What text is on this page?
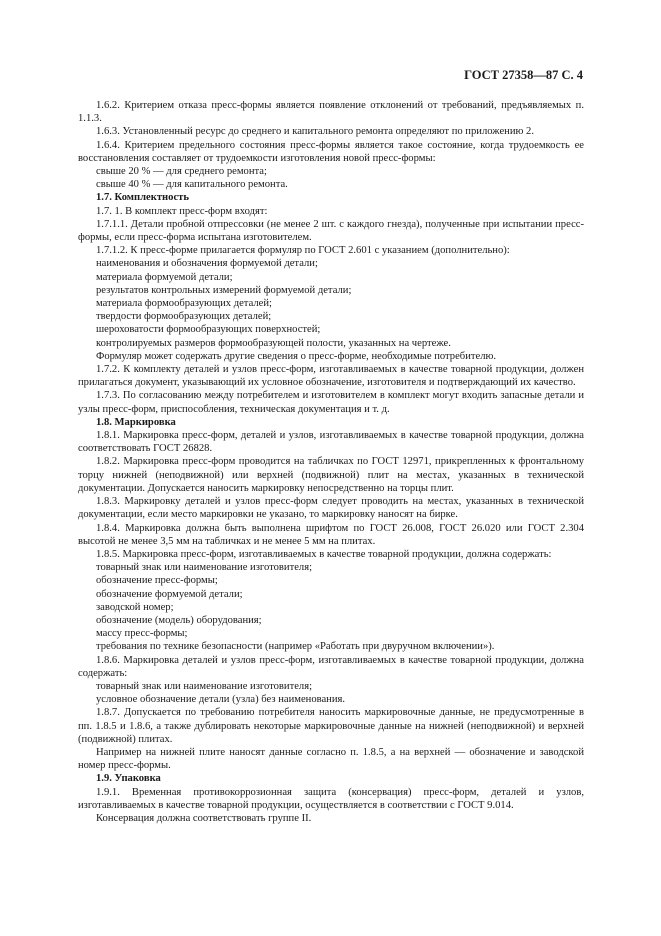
ГОСТ 27358—87 С. 4

1.6.2. Критерием отказа пресс-формы является появление отклонений от требований, предъявляемых п. 1.1.3.

1.6.3. Установленный ресурс до среднего и капитального ремонта определяют по приложению 2.

1.6.4. Критерием предельного состояния пресс-формы является такое состояние, когда трудоемкость ее восстановления составляет от трудоемкости изготовления новой пресс-формы:

свыше 20 % — для среднего ремонта;

свыше 40 % — для капитального ремонта.

1.7. Комплектность

1.7. 1. В комплект пресс-форм входят:

1.7.1.1. Детали пробной отпрессовки (не менее 2 шт. с каждого гнезда), полученные при испытании пресс-формы, если пресс-форма испытана изготовителем.

1.7.1.2. К пресс-форме прилагается формуляр по ГОСТ 2.601 с указанием (дополнительно):

наименования и обозначения формуемой детали;

материала формуемой детали;

результатов контрольных измерений формуемой детали;

материала формообразующих деталей;

твердости формообразующих деталей;

шероховатости формообразующих поверхностей;

контролируемых размеров формообразующей полости, указанных на чертеже.

Формуляр может содержать другие сведения о пресс-форме, необходимые потребителю.

1.7.2. К комплекту деталей и узлов пресс-форм, изготавливаемых в качестве товарной продукции, должен прилагаться документ, указывающий их условное обозначение, изготовителя и подтверждающий их качество.

1.7.3. По согласованию между потребителем и изготовителем в комплект могут входить запасные детали и узлы пресс-форм, приспособления, техническая документация и т. д.

1.8. Маркировка

1.8.1. Маркировка пресс-форм, деталей и узлов, изготавливаемых в качестве товарной продукции, должна соответствовать ГОСТ 26828.

1.8.2. Маркировка пресс-форм проводится на табличках по ГОСТ 12971, прикрепленных к фронтальному торцу нижней (неподвижной) или верхней (подвижной) плит на местах, указанных в технической документации. Допускается наносить маркировку непосредственно на торцы плит.

1.8.3. Маркировку деталей и узлов пресс-форм следует проводить на местах, указанных в технической документации, если место маркировки не указано, то маркировку наносят на бирке.

1.8.4. Маркировка должна быть выполнена шрифтом по ГОСТ 26.008, ГОСТ 26.020 или ГОСТ 2.304 высотой не менее 3,5 мм на табличках и не менее 5 мм на плитах.

1.8.5. Маркировка пресс-форм, изготавливаемых в качестве товарной продукции, должна содержать:

товарный знак или наименование изготовителя;

обозначение пресс-формы;

обозначение формуемой детали;

заводской номер;

обозначение (модель) оборудования;

массу пресс-формы;

требования по технике безопасности (например «Работать при двуручном включении»).

1.8.6. Маркировка деталей и узлов пресс-форм, изготавливаемых в качестве товарной продукции, должна содержать:

товарный знак или наименование изготовителя;

условное обозначение детали (узла) без наименования.

1.8.7. Допускается по требованию потребителя наносить маркировочные данные, не предусмотренные в пп. 1.8.5 и 1.8.6, а также дублировать некоторые маркировочные данные на нижней (неподвижной) и верхней (подвижной) плитах.

Например на нижней плите наносят данные согласно п. 1.8.5, а на верхней — обозначение и заводской номер пресс-формы.

1.9. Упаковка

1.9.1. Временная противокоррозионная защита (консервация) пресс-форм, деталей и узлов, изготавливаемых в качестве товарной продукции, осуществляется в соответствии с ГОСТ 9.014.

Консервация должна соответствовать группе II.
